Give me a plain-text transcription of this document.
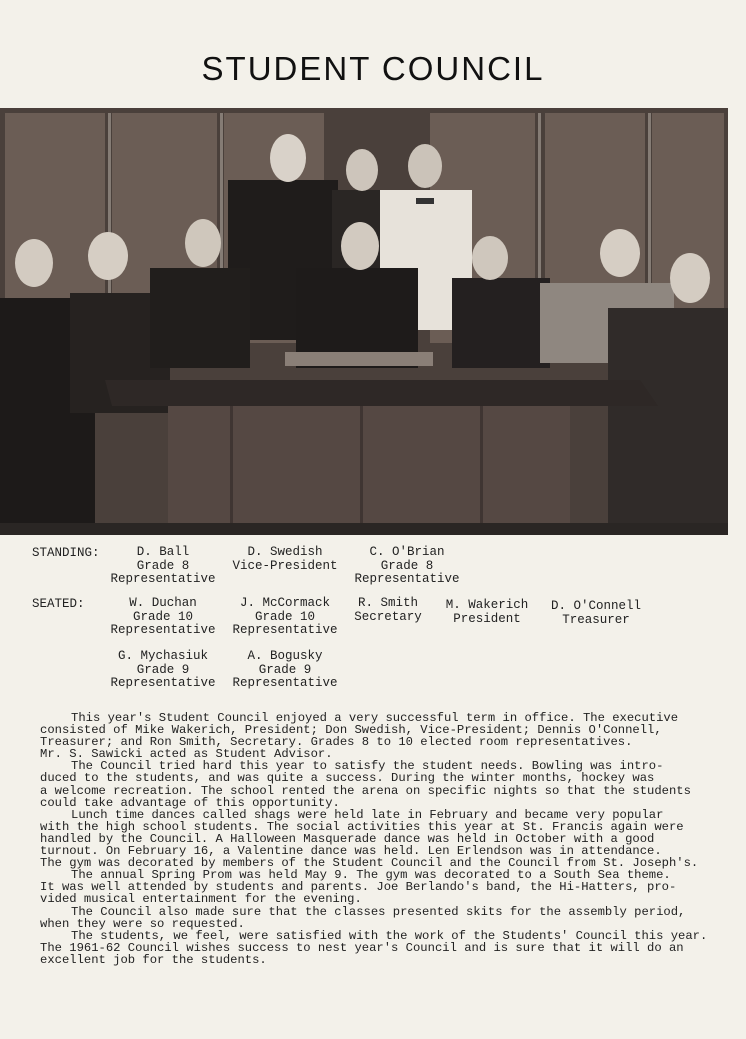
STUDENT COUNCIL
STANDING:	D. Ball
Grade 8
Representative
D. Swedish
Vice-President
C. O'Brian
Grade 8
Representative
SEATED:	W. Duchan
Grade 10
Representative
J. McCormack
Grade 10
Representative
R. Smith
Secretary
M. Wakerich
President
D. O'Connell
Treasurer
G. Mychasiuk
Grade 9
Representative
A. Bogusky
Grade 9
Representative
This year's Student Council enjoyed a very successful term in office. The executive
consisted of Mike Wakerich, President; Don Swedish, Vice-President; Dennis O'Connell,
Treasurer; and Ron Smith, Secretary. Grades 8 to 10 elected room representatives.
Mr. S. Sawicki acted as Student Advisor.
The Council tried hard this year to satisfy the student needs. Bowling was intro-
duced to the students, and was quite a success. During the winter months, hockey was
a welcome recreation. The school rented the arena on specific nights so that the students
could take advantage of this opportunity.
Lunch time dances called shags were held late in February and became very popular
with the high school students. The social activities this year at St. Francis again were
handled by the Council. A Halloween Masquerade dance was held in October with a good
turnout. On February 16, a Valentine dance was held. Len Erlendson was in attendance.
The gym was decorated by members of the Student Council and the Council from St. Joseph's.
The annual Spring Prom was held May 9. The gym was decorated to a South Sea theme.
It was well attended by students and parents. Joe Berlando's band, the Hi-Hatters, pro-
vided musical entertainment for the evening.
The Council also made sure that the classes presented skits for the assembly period,
when they were so requested.
The students, we feel, were satisfied with the work of the Students' Council this year.
The 1961-62 Council wishes success to nest year's Council and is sure that it will do an
excellent job for the students.
